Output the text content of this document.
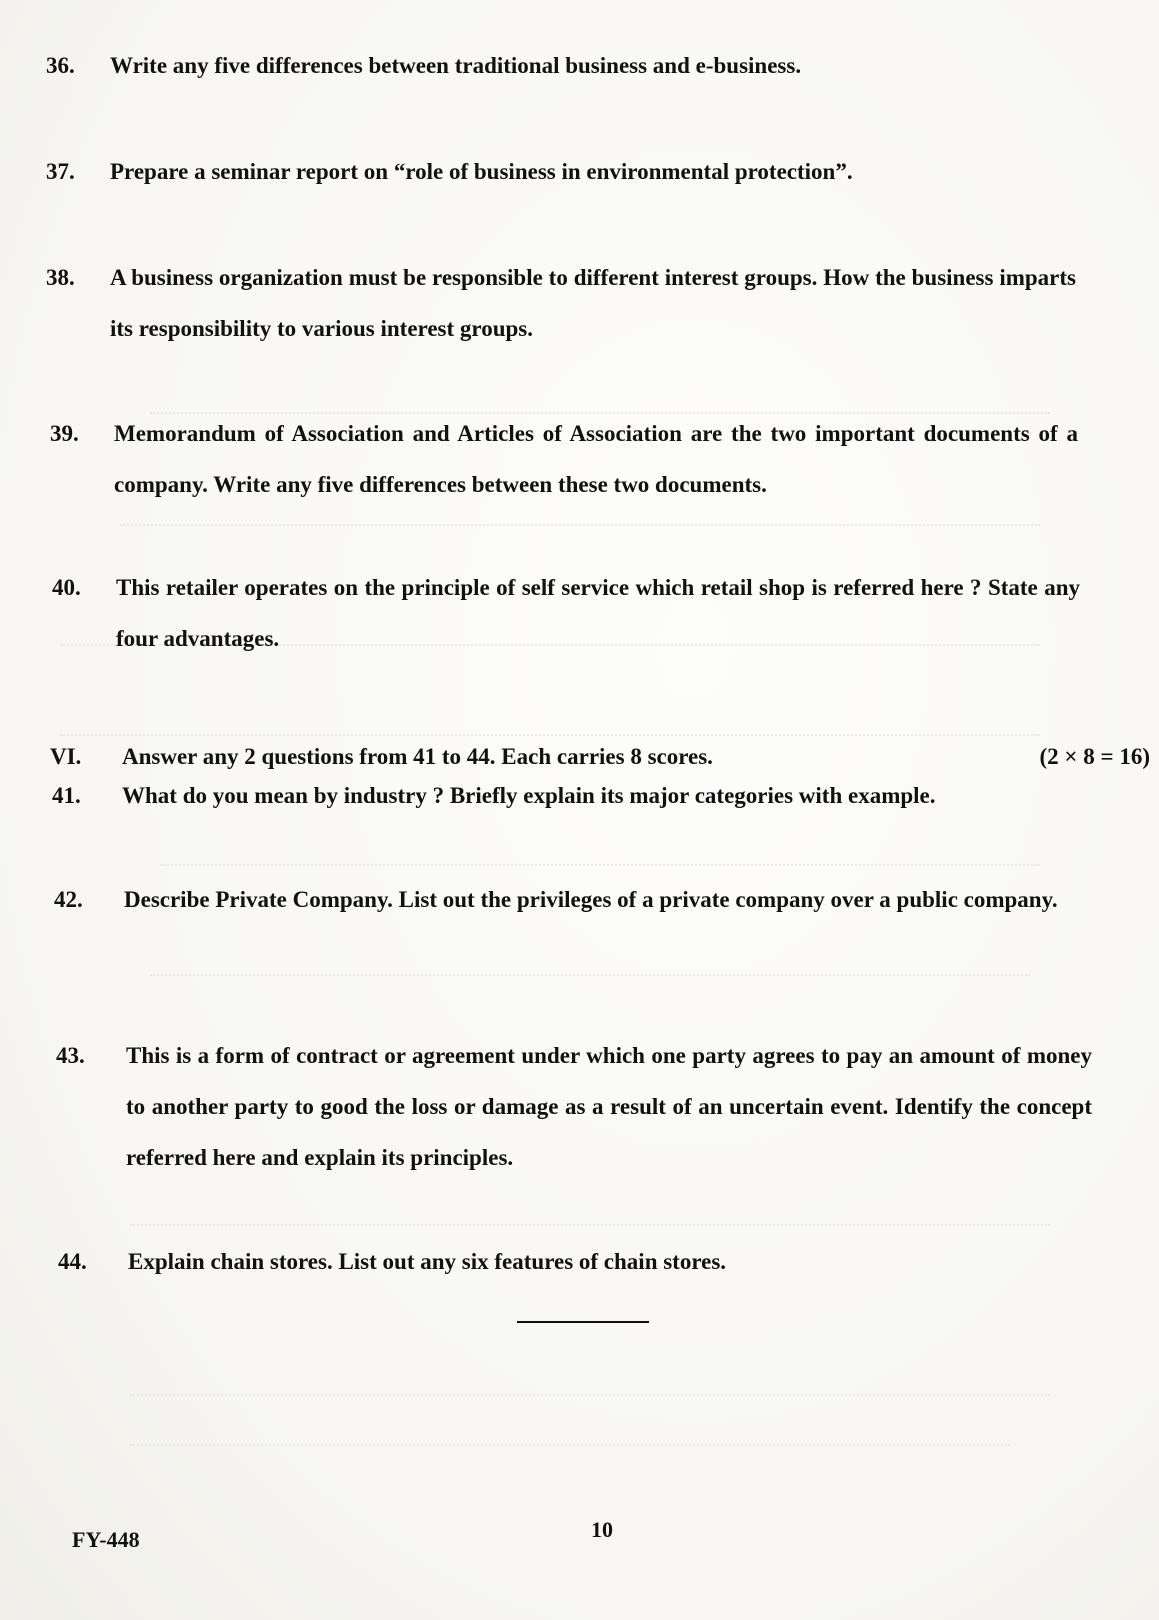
36. Write any five differences between traditional business and e-business.
37. Prepare a seminar report on “role of business in environmental protection”.
38. A business organization must be responsible to different interest groups. How the business imparts its responsibility to various interest groups.
39. Memorandum of Association and Articles of Association are the two important documents of a company. Write any five differences between these two documents.
40. This retailer operates on the principle of self service which retail shop is referred here ? State any four advantages.
VI. Answer any 2 questions from 41 to 44. Each carries 8 scores.	(2 × 8 = 16)
41. What do you mean by industry ? Briefly explain its major categories with example.
42. Describe Private Company. List out the privileges of a private company over a public company.
43. This is a form of contract or agreement under which one party agrees to pay an amount of money to another party to good the loss or damage as a result of an uncertain event. Identify the concept referred here and explain its principles.
44. Explain chain stores. List out any six features of chain stores.
FY-448	10
